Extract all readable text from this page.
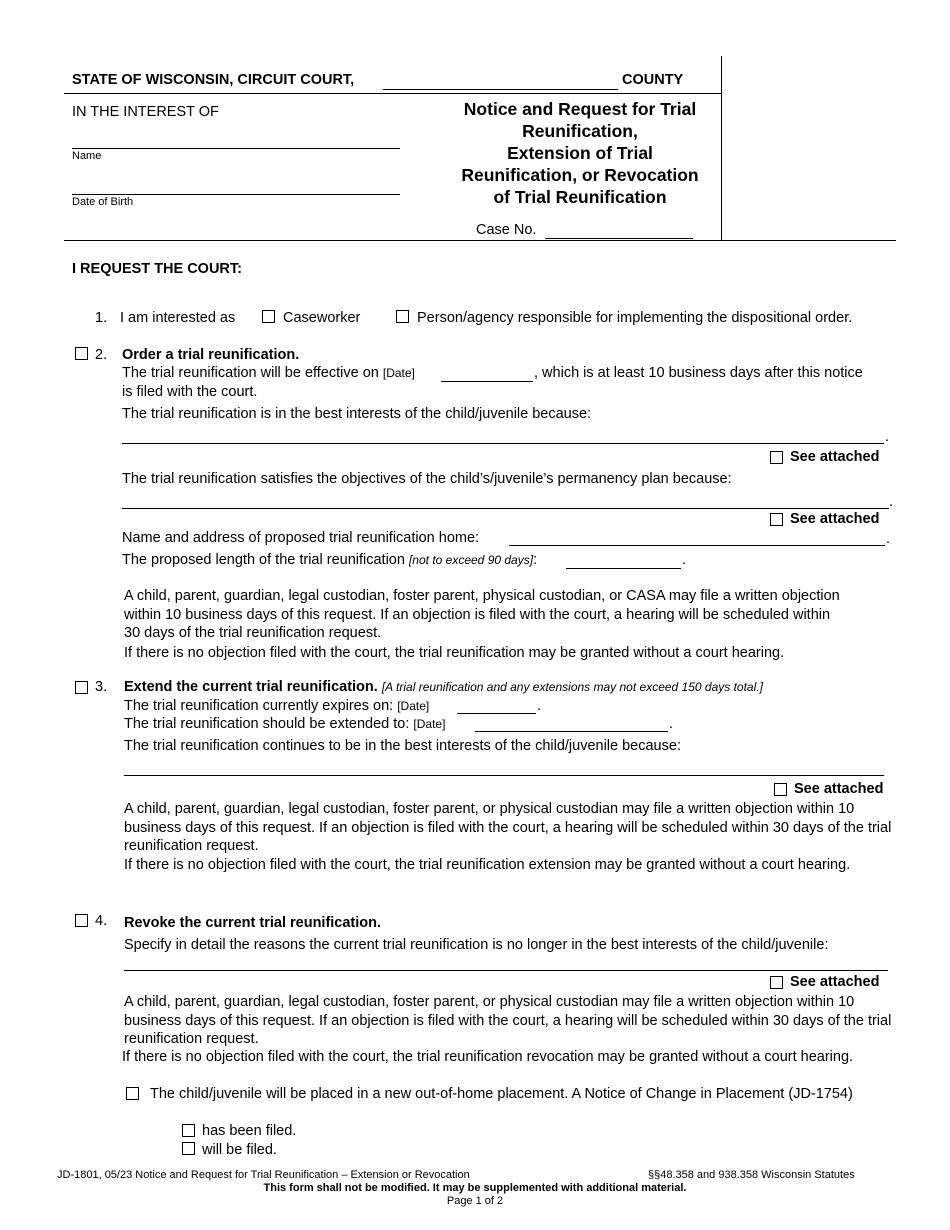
STATE OF WISCONSIN, CIRCUIT COURT,	COUNTY
IN THE INTEREST OF
Name
Date of Birth
Notice and Request for Trial
Reunification,
Extension of Trial
Reunification, or Revocation
of Trial Reunification
Case No.
I REQUEST THE COURT:
1. I am interested as	Caseworker	Person/agency responsible for implementing the dispositional order.
2. Order a trial reunification.
The trial reunification will be effective on [Date]	, which is at least 10 business days after this notice
is filed with the court.
The trial reunification is in the best interests of the child/juvenile because:
.
See attached
The trial reunification satisfies the objectives of the child’s/juvenile’s permanency plan because:
.
See attached
Name and address of proposed trial reunification home:	.
The proposed length of the trial reunification [not to exceed 90 days]:	.
A child, parent, guardian, legal custodian, foster parent, physical custodian, or CASA may file a written objection within 10 business days of this request. If an objection is filed with the court, a hearing will be scheduled within 30 days of the trial reunification request.
If there is no objection filed with the court, the trial reunification may be granted without a court hearing.
3. Extend the current trial reunification. [A trial reunification and any extensions may not exceed 150 days total.]
The trial reunification currently expires on: [Date]	.
The trial reunification should be extended to: [Date]	.
The trial reunification continues to be in the best interests of the child/juvenile because:
See attached
A child, parent, guardian, legal custodian, foster parent, or physical custodian may file a written objection within 10 business days of this request. If an objection is filed with the court, a hearing will be scheduled within 30 days of the trial reunification request.
If there is no objection filed with the court, the trial reunification extension may be granted without a court hearing.
4. Revoke the current trial reunification.
Specify in detail the reasons the current trial reunification is no longer in the best interests of the child/juvenile:
See attached
A child, parent, guardian, legal custodian, foster parent, or physical custodian may file a written objection within 10 business days of this request. If an objection is filed with the court, a hearing will be scheduled within 30 days of the trial reunification request.
If there is no objection filed with the court, the trial reunification revocation may be granted without a court hearing.
The child/juvenile will be placed in a new out-of-home placement. A Notice of Change in Placement (JD-1754)
has been filed.
will be filed.
JD-1801, 05/23 Notice and Request for Trial Reunification – Extension or Revocation	§§48.358 and 938.358 Wisconsin Statutes
This form shall not be modified. It may be supplemented with additional material.
Page 1 of 2
